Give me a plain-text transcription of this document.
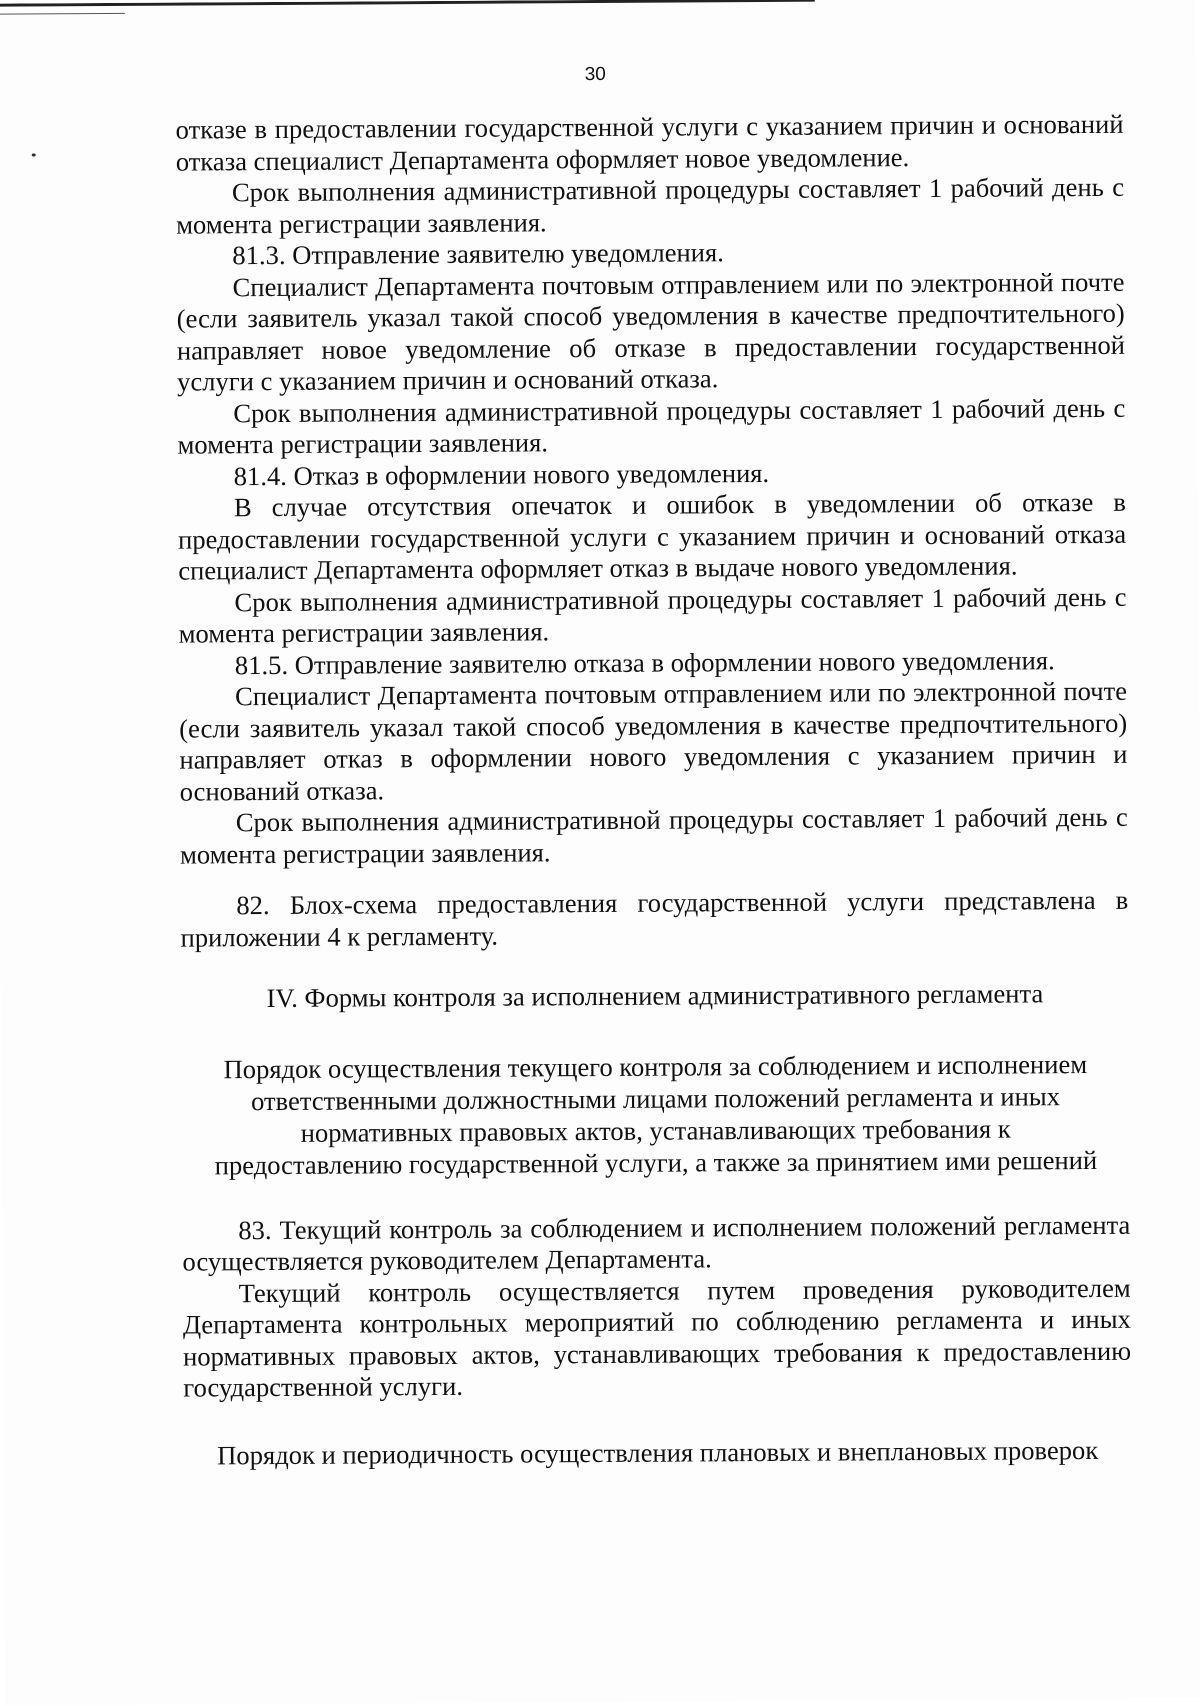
30

отказе в предоставлении государственной услуги с указанием причин и оснований отказа специалист Департамента оформляет новое уведомление.

Срок выполнения административной процедуры составляет 1 рабочий день с момента регистрации заявления.

81.3. Отправление заявителю уведомления.

Специалист Департамента почтовым отправлением или по электронной почте (если заявитель указал такой способ уведомления в качестве предпочтительного) направляет новое уведомление об отказе в предоставлении государственной услуги с указанием причин и оснований отказа.

Срок выполнения административной процедуры составляет 1 рабочий день с момента регистрации заявления.

81.4. Отказ в оформлении нового уведомления.

В случае отсутствия опечаток и ошибок в уведомлении об отказе в предоставлении государственной услуги с указанием причин и оснований отказа специалист Департамента оформляет отказ в выдаче нового уведомления.

Срок выполнения административной процедуры составляет 1 рабочий день с момента регистрации заявления.

81.5. Отправление заявителю отказа в оформлении нового уведомления.

Специалист Департамента почтовым отправлением или по электронной почте (если заявитель указал такой способ уведомления в качестве предпочтительного) направляет отказ в оформлении нового уведомления с указанием причин и оснований отказа.

Срок выполнения административной процедуры составляет 1 рабочий день с момента регистрации заявления.

82. Блох-схема предоставления государственной услуги представлена в приложении 4 к регламенту.

IV. Формы контроля за исполнением административного регламента

Порядок осуществления текущего контроля за соблюдением и исполнением

ответственными должностными лицами положений регламента и иных

нормативных правовых актов, устанавливающих требования к

предоставлению государственной услуги, а также за принятием ими решений

83. Текущий контроль за соблюдением и исполнением положений регламента осуществляется руководителем Департамента.

Текущий контроль осуществляется путем проведения руководителем Департамента контрольных мероприятий по соблюдению регламента и иных нормативных правовых актов, устанавливающих требования к предоставлению государственной услуги.

Порядок и периодичность осуществления плановых и внеплановых проверок
